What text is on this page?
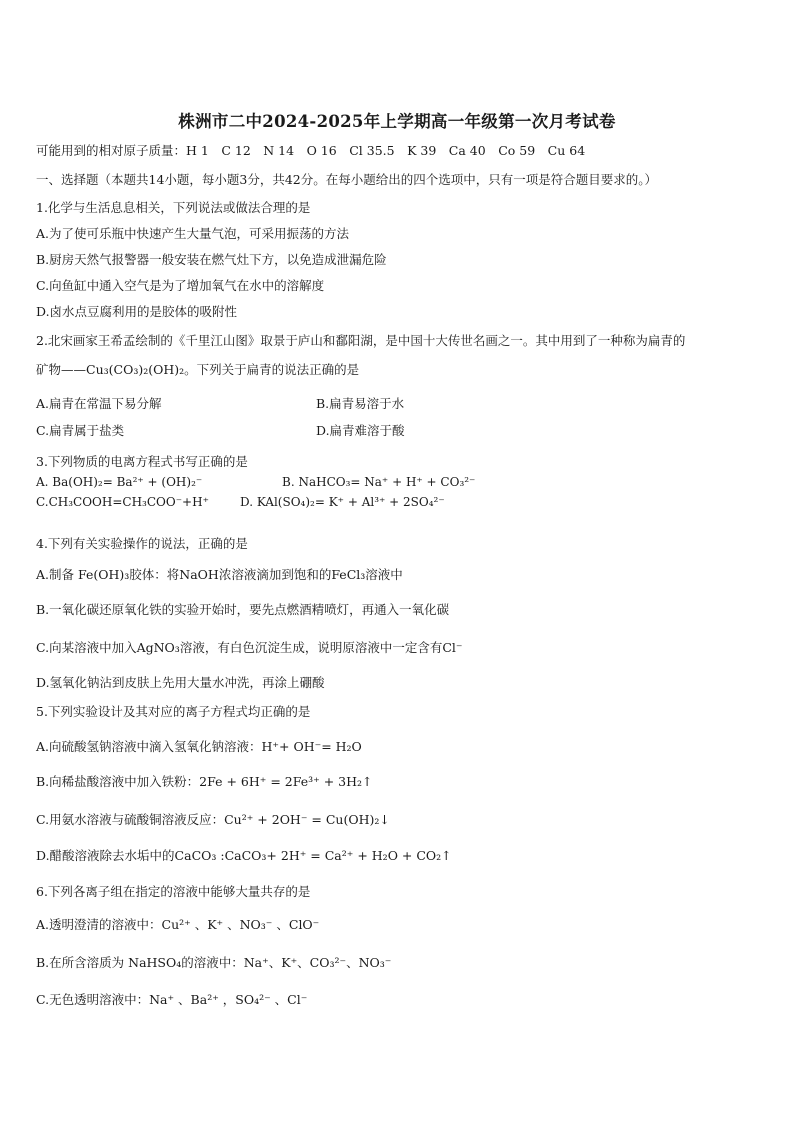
株洲市二中2024-2025年上学期高一年级第一次月考试卷
可能用到的相对原子质量：H 1　C 12　N 14　O 16　Cl 35.5　K 39　Ca 40　Co 59　Cu 64
一、选择题（本题共14小题，每小题3分，共42分。在每小题给出的四个选项中，只有一项是符合题目要求的。）
1.化学与生活息息相关，下列说法或做法合理的是
A.为了使可乐瓶中快速产生大量气泡，可采用振荡的方法
B.厨房天然气报警器一般安装在燃气灶下方，以免造成泄漏危险
C.向鱼缸中通入空气是为了增加氧气在水中的溶解度
D.卤水点豆腐利用的是胶体的吸附性
2.北宋画家王希孟绘制的《千里江山图》取景于庐山和鄱阳湖，是中国十大传世名画之一。其中用到了一种称为扁青的
矿物——Cu₃(CO₃)₂(OH)₂。下列关于扁青的说法正确的是
A.扁青在常温下易分解	B.扁青易溶于水
C.扁青属于盐类	D.扁青难溶于酸
3.下列物质的电离方程式书写正确的是
A. Ba(OH)₂= Ba²⁺ + (OH)₂⁻	B. NaHCO₃= Na⁺ + H⁺ + CO₃²⁻
C.CH₃COOH=CH₃COO⁻+H⁺	D. KAl(SO₄)₂= K⁺ + Al³⁺ + 2SO₄²⁻
4.下列有关实验操作的说法，正确的是
A.制备 Fe(OH)₃胶体：将NaOH浓溶液滴加到饱和的FeCl₃溶液中
B.一氧化碳还原氧化铁的实验开始时，要先点燃酒精喷灯，再通入一氧化碳
C.向某溶液中加入AgNO₃溶液，有白色沉淀生成，说明原溶液中一定含有Cl⁻
D.氢氧化钠沾到皮肤上先用大量水冲洗，再涂上硼酸
5.下列实验设计及其对应的离子方程式均正确的是
A.向硫酸氢钠溶液中滴入氢氧化钠溶液：H⁺+ OH⁻= H₂O
B.向稀盐酸溶液中加入铁粉：2Fe + 6H⁺ = 2Fe³⁺ + 3H₂↑
C.用氨水溶液与硫酸铜溶液反应：Cu²⁺ + 2OH⁻ = Cu(OH)₂↓
D.醋酸溶液除去水垢中的CaCO₃ :CaCO₃+ 2H⁺ = Ca²⁺ + H₂O + CO₂↑
6.下列各离子组在指定的溶液中能够大量共存的是
A.透明澄清的溶液中：Cu²⁺ 、K⁺ 、NO₃⁻ 、ClO⁻
B.在所含溶质为 NaHSO₄的溶液中：Na⁺、K⁺、CO₃²⁻、NO₃⁻
C.无色透明溶液中：Na⁺ 、Ba²⁺ ，SO₄²⁻ 、Cl⁻
